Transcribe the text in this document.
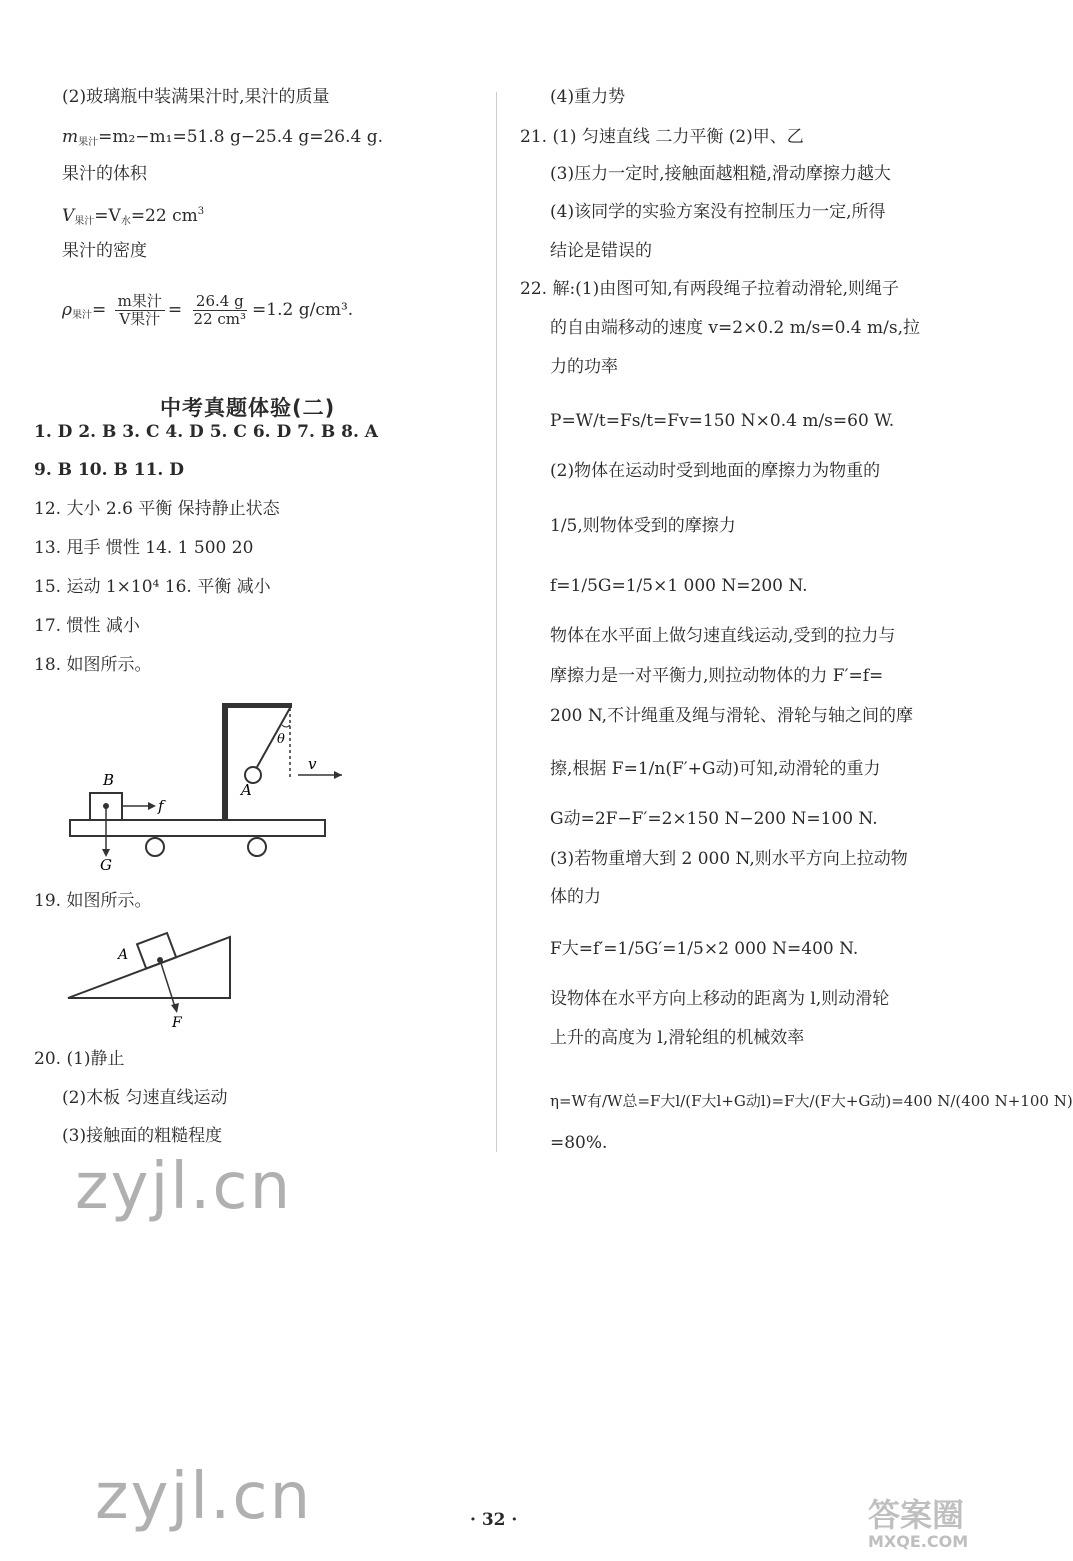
(2)玻璃瓶中装满果汁时,果汁的质量
$m_{果汁}=m_2-m_1=51.8$ g−25.4 g=26.4 g.
果汁的体积
$V_{果汁}=V_水=22$ $cm^3$
果汁的密度
$\rho_{果汁}= \frac{\text{m果汁}}{\text{V果汁}} = \frac{26.4 g}{\text{22 cm³}} =1.2$ g/cm³.
中考真题体验(二)
1. D 2. B 3. C 4. D 5. C 6. D 7. B 8. A
9. B 10. B 11. D
12. 大小 2.6 平衡 保持静止状态
13. 甩手 惯性 14. 1 500 20
15. 运动 1×10⁴ 16. 平衡 减小
17. 惯性 减小
18. 如图所示。
B
f
G
A
θ
v
19. 如图所示。
A
F
20. (1)静止
(2)木板 匀速直线运动
(3)接触面的粗糙程度
(4)重力势
21. (1) 匀速直线 二力平衡 (2)甲、乙
(3)压力一定时,接触面越粗糙,滑动摩擦力越大
(4)该同学的实验方案没有控制压力一定,所得
结论是错误的
22. 解:(1)由图可知,有两段绳子拉着动滑轮,则绳子
的自由端移动的速度 v=2×0.2 m/s=0.4 m/s,拉
力的功率
P=W/t=Fs/t=Fv=150 N×0.4 m/s=60 W.
(2)物体在运动时受到地面的摩擦力为物重的
1/5,则物体受到的摩擦力
f=1/5G=1/5×1 000 N=200 N.
物体在水平面上做匀速直线运动,受到的拉力与
摩擦力是一对平衡力,则拉动物体的力 F′=f=
200 N,不计绳重及绳与滑轮、滑轮与轴之间的摩
擦,根据 F=1/n(F′+G动)可知,动滑轮的重力
G动=2F−F′=2×150 N−200 N=100 N.
(3)若物重增大到 2 000 N,则水平方向上拉动物
体的力
F大=f′=1/5G′=1/5×2 000 N=400 N.
设物体在水平方向上移动的距离为 l,则动滑轮
上升的高度为 l,滑轮组的机械效率
η=W有/W总=F大l/(F大l+G动l)=F大/(F大+G动)=400 N/(400 N+100 N)
=80%.
zyjl.cn
zyjl.cn	答案圈
MXQE.COM
· 32 ·
